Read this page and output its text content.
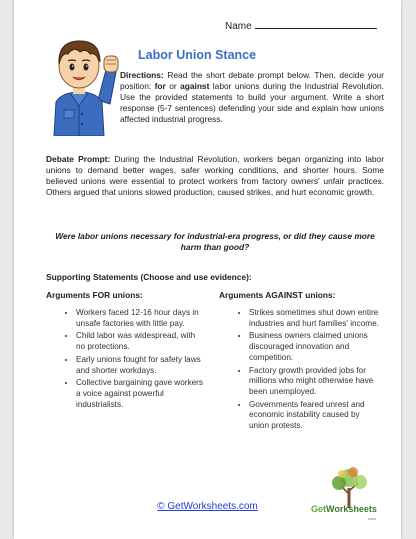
Name
Labor Union Stance

Directions: Read the short debate prompt below. Then, decide your position: for or against labor unions during the Industrial Revolution. Use the provided statements to build your argument. Write a short response (5-7 sentences) defending your side and explain how unions affected industrial progress.

Debate Prompt: During the Industrial Revolution, workers began organizing into labor unions to demand better wages, safer working conditions, and shorter hours. Some believed unions were essential to protect workers from factory owners' unfair practices. Others argued that unions slowed production, caused strikes, and hurt economic growth.

Were labor unions necessary for industrial-era progress, or did they cause more harm than good?
Supporting Statements (Choose and use evidence):
Arguments FOR unions:
• Workers faced 12-16 hour days in unsafe factories with little pay.
• Child labor was widespread, with no protections.
• Early unions fought for safety laws and shorter workdays.
• Collective bargaining gave workers a voice against powerful industrialists.
Arguments AGAINST unions:
• Strikes sometimes shut down entire industries and hurt families' income.
• Business owners claimed unions discouraged innovation and competition.
• Factory growth provided jobs for millions who might otherwise have been unemployed.
• Governments feared unrest and economic instability caused by union protests.
GetWorksheets
.com
© GetWorksheets.com
